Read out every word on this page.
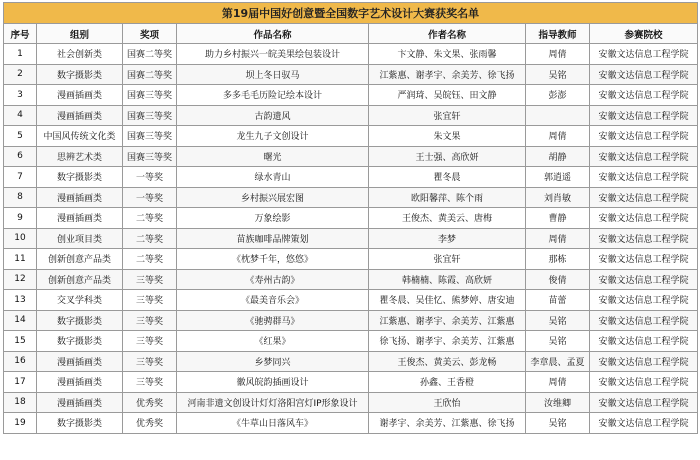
第19届中国好创意暨全国数字艺术设计大赛获奖名单						
序号	组别	奖项	作品名称	作者名称	指导教师	参赛院校
1	社会创新类	国赛二等奖	助力乡村振兴一皖美果绘包装设计	卞文静、朱文果、张雨馨	周倩	安徽文达信息工程学院
2	数字摄影类	国赛二等奖	坝上冬日驭马	江紫惠、谢孝宇、余美芳、徐飞扬	吴铭	安徽文达信息工程学院
3	漫画插画类	国赛三等奖	多多毛毛历险记绘本设计	严润琦、吴皖钰、田文静	彭澎	安徽文达信息工程学院
4	漫画插画类	国赛三等奖	古韵遗风	张宜轩		安徽文达信息工程学院
5	中国风传统文化类	国赛三等奖	龙生九子文创设计	朱文果	周倩	安徽文达信息工程学院
6	思辨艺术类	国赛三等奖	曙光	王士强、高欣妍	胡静	安徽文达信息工程学院
7	数字摄影类	一等奖	绿水青山	瞿冬晨	郭逍遥	安徽文达信息工程学院
8	漫画插画类	一等奖	乡村振兴展宏图	欧阳馨萍、陈个雨	刘肖敏	安徽文达信息工程学院
9	漫画插画类	二等奖	万象绘影	王俊杰、黄美云、唐梅	曹静	安徽文达信息工程学院
10	创业项目类	二等奖	苗族咖啡品牌策划	李梦	周倩	安徽文达信息工程学院
11	创新创意产品类	二等奖	《枕梦千年，悠悠》	张宜轩	那栋	安徽文达信息工程学院
12	创新创意产品类	三等奖	《寿州古韵》	韩楠楠、陈霞、高欣妍	俊倩	安徽文达信息工程学院
13	交叉学科类	三等奖	《最美音乐会》	瞿冬晨、吴佳忆、熊梦婷、唐安迪	苗蕾	安徽文达信息工程学院
14	数字摄影类	三等奖	《驰骋群马》	江紫惠、谢孝宇、余美芳、江紫惠	吴铭	安徽文达信息工程学院
15	数字摄影类	三等奖	《红果》	徐飞扬、谢孝宇、余美芳、江紫惠	吴铭	安徽文达信息工程学院
16	漫画插画类	三等奖	乡梦同兴	王俊杰、黄美云、彭龙畅	李章晨、孟夏	安徽文达信息工程学院
17	漫画插画类	三等奖	徽风皖韵插画设计	孙鑫、王香橙	周倩	安徽文达信息工程学院
18	漫画插画类	优秀奖	河南非遗文创设计灯灯洛阳宫灯IP形象设计	王欣怡	汝维卿	安徽文达信息工程学院
19	数字摄影类	优秀奖	《牛草山日落风车》	谢孝宇、余美芳、江紫惠、徐飞扬	吴铭	安徽文达信息工程学院
